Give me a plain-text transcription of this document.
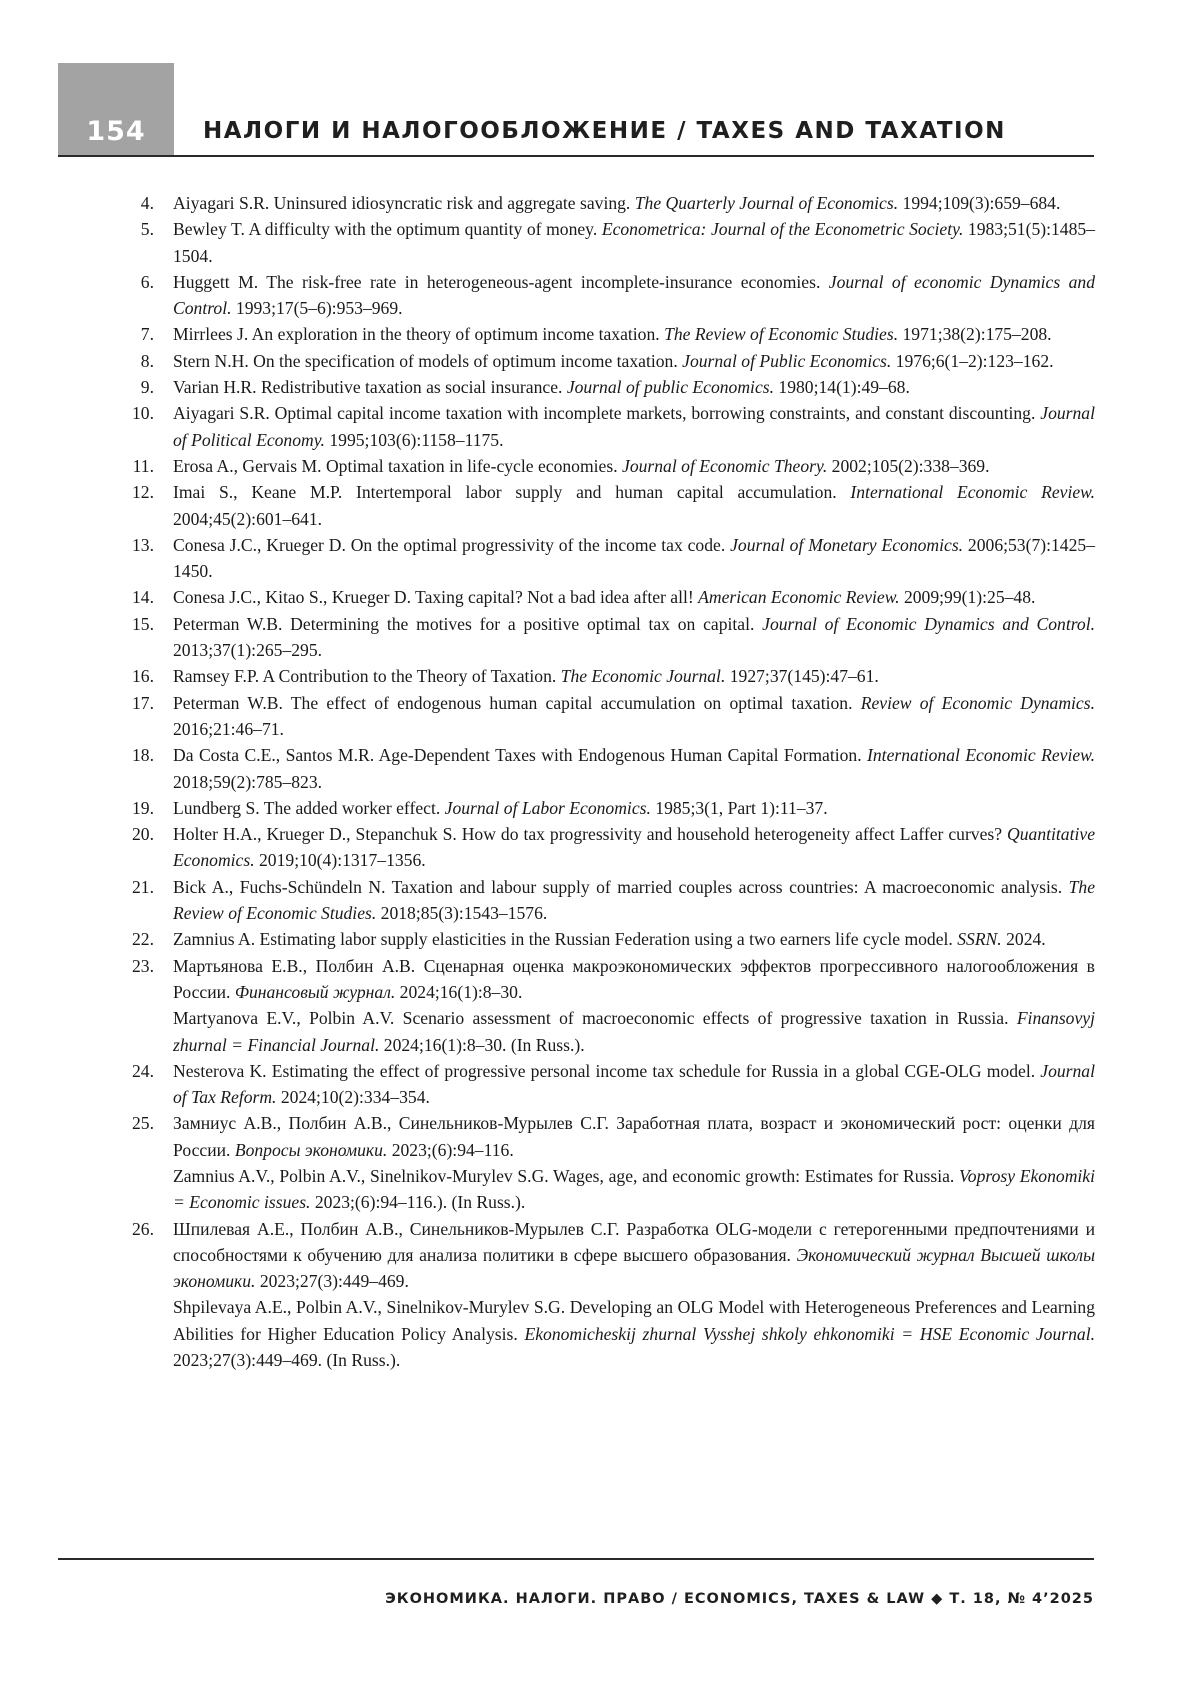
154	НАЛОГИ И НАЛОГООБЛОЖЕНИЕ / TAXES AND TAXATION
4. Aiyagari S.R. Uninsured idiosyncratic risk and aggregate saving. The Quarterly Journal of Economics. 1994;109(3):659–684.
5. Bewley T. A difficulty with the optimum quantity of money. Econometrica: Journal of the Econometric Society. 1983;51(5):1485–1504.
6. Huggett M. The risk-free rate in heterogeneous-agent incomplete-insurance economies. Journal of economic Dynamics and Control. 1993;17(5–6):953–969.
7. Mirrlees J. An exploration in the theory of optimum income taxation. The Review of Economic Studies. 1971;38(2):175–208.
8. Stern N.H. On the specification of models of optimum income taxation. Journal of Public Economics. 1976;6(1–2):123–162.
9. Varian H.R. Redistributive taxation as social insurance. Journal of public Economics. 1980;14(1):49–68.
10. Aiyagari S.R. Optimal capital income taxation with incomplete markets, borrowing constraints, and constant discounting. Journal of Political Economy. 1995;103(6):1158–1175.
11. Erosa A., Gervais M. Optimal taxation in life-cycle economies. Journal of Economic Theory. 2002;105(2):338–369.
12. Imai S., Keane M.P. Intertemporal labor supply and human capital accumulation. International Economic Review. 2004;45(2):601–641.
13. Conesa J.C., Krueger D. On the optimal progressivity of the income tax code. Journal of Monetary Economics. 2006;53(7):1425–1450.
14. Conesa J.C., Kitao S., Krueger D. Taxing capital? Not a bad idea after all! American Economic Review. 2009;99(1):25–48.
15. Peterman W.B. Determining the motives for a positive optimal tax on capital. Journal of Economic Dynamics and Control. 2013;37(1):265–295.
16. Ramsey F.P. A Contribution to the Theory of Taxation. The Economic Journal. 1927;37(145):47–61.
17. Peterman W.B. The effect of endogenous human capital accumulation on optimal taxation. Review of Economic Dynamics. 2016;21:46–71.
18. Da Costa C.E., Santos M.R. Age-Dependent Taxes with Endogenous Human Capital Formation. International Economic Review. 2018;59(2):785–823.
19. Lundberg S. The added worker effect. Journal of Labor Economics. 1985;3(1, Part 1):11–37.
20. Holter H.A., Krueger D., Stepanchuk S. How do tax progressivity and household heterogeneity affect Laffer curves? Quantitative Economics. 2019;10(4):1317–1356.
21. Bick A., Fuchs-Schündeln N. Taxation and labour supply of married couples across countries: A macroeconomic analysis. The Review of Economic Studies. 2018;85(3):1543–1576.
22. Zamnius A. Estimating labor supply elasticities in the Russian Federation using a two earners life cycle model. SSRN. 2024.
23. Мартьянова Е.В., Полбин А.В. Сценарная оценка макроэкономических эффектов прогрессивного налогообложения в России. Финансовый журнал. 2024;16(1):8–30.
Martyanova E.V., Polbin A.V. Scenario assessment of macroeconomic effects of progressive taxation in Russia. Finansovyj zhurnal = Financial Journal. 2024;16(1):8–30. (In Russ.).
24. Nesterova K. Estimating the effect of progressive personal income tax schedule for Russia in a global CGE-OLG model. Journal of Tax Reform. 2024;10(2):334–354.
25. Замниус А.В., Полбин А.В., Синельников-Мурылев С.Г. Заработная плата, возраст и экономический рост: оценки для России. Вопросы экономики. 2023;(6):94–116.
Zamnius A.V., Polbin A.V., Sinelnikov-Murylev S.G. Wages, age, and economic growth: Estimates for Russia. Voprosy Ekonomiki = Economic issues. 2023;(6):94–116.). (In Russ.).
26. Шпилевая А.Е., Полбин А.В., Синельников-Мурылев С.Г. Разработка OLG-модели с гетерогенными предпочтениями и способностями к обучению для анализа политики в сфере высшего образования. Экономический журнал Высшей школы экономики. 2023;27(3):449–469.
Shpilevaya A.E., Polbin A.V., Sinelnikov-Murylev S.G. Developing an OLG Model with Heterogeneous Preferences and Learning Abilities for Higher Education Policy Analysis. Ekonomicheskij zhurnal Vysshej shkoly ehkonomiki = HSE Economic Journal. 2023;27(3):449–469. (In Russ.).
ЭКОНОМИКА. НАЛОГИ. ПРАВО / ECONOMICS, TAXES & LAW ◆ Т. 18, № 4’2025
